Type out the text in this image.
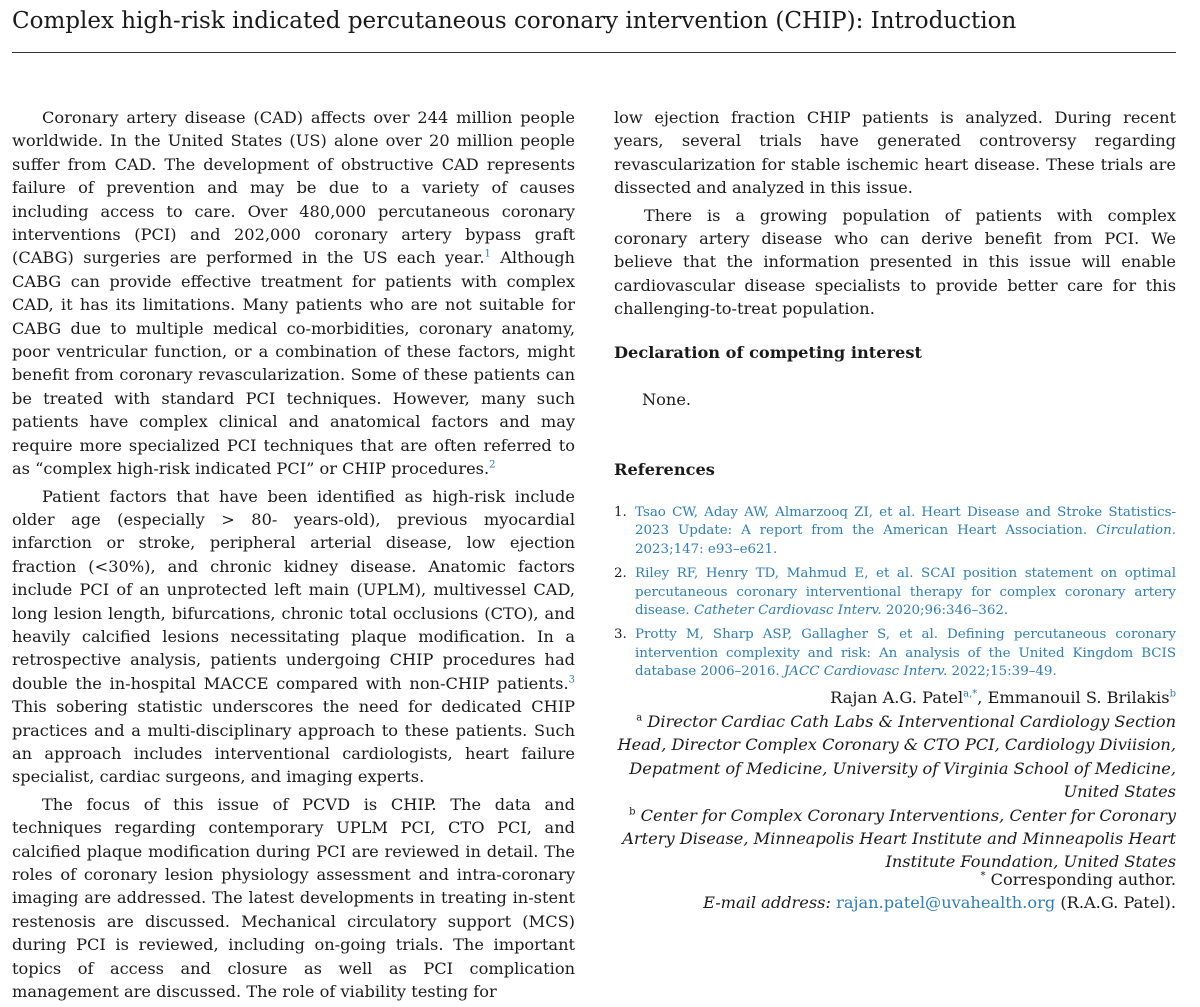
Complex high-risk indicated percutaneous coronary intervention (CHIP): Introduction

Coronary artery disease (CAD) affects over 244 million people worldwide. In the United States (US) alone over 20 million people suffer from CAD. The development of obstructive CAD represents failure of prevention and may be due to a variety of causes including access to care. Over 480,000 percutaneous coronary interventions (PCI) and 202,000 coronary artery bypass graft (CABG) surgeries are performed in the US each year.$^1$ Although CABG can provide effective treatment for patients with complex CAD, it has its limitations. Many patients who are not suitable for CABG due to multiple medical co-morbidities, coronary anatomy, poor ventricular function, or a combination of these factors, might benefit from coronary revascularization. Some of these patients can be treated with standard PCI techniques. However, many such patients have complex clinical and anatomical factors and may require more specialized PCI techniques that are often referred to as “complex high-risk indicated PCI” or CHIP procedures.$^2$

Patient factors that have been identified as high-risk include older age (especially > 80- years-old), previous myocardial infarction or stroke, peripheral arterial disease, low ejection fraction (<30%), and chronic kidney disease. Anatomic factors include PCI of an unprotected left main (UPLM), multivessel CAD, long lesion length, bifurcations, chronic total occlusions (CTO), and heavily calcified lesions necessitating plaque modification. In a retrospective analysis, patients undergoing CHIP procedures had double the in-hospital MACCE compared with non-CHIP patients.$^3$ This sobering statistic underscores the need for dedicated CHIP practices and a multi-disciplinary approach to these patients. Such an approach includes interventional cardiologists, heart failure specialist, cardiac surgeons, and imaging experts.

The focus of this issue of PCVD is CHIP. The data and techniques regarding contemporary UPLM PCI, CTO PCI, and calcified plaque modification during PCI are reviewed in detail. The roles of coronary lesion physiology assessment and intra-coronary imaging are addressed. The latest developments in treating in-stent restenosis are discussed. Mechanical circulatory support (MCS) during PCI is reviewed, including on-going trials. The important topics of access and closure as well as PCI complication management are discussed. The role of viability testing for

low ejection fraction CHIP patients is analyzed. During recent years, several trials have generated controversy regarding revascularization for stable ischemic heart disease. These trials are dissected and analyzed in this issue.

There is a growing population of patients with complex coronary artery disease who can derive benefit from PCI. We believe that the information presented in this issue will enable cardiovascular disease specialists to provide better care for this challenging-to-treat population.

Declaration of competing interest
None.
References
1. Tsao CW, Aday AW, Almarzooq ZI, et al. Heart Disease and Stroke Statistics-2023 Update: A report from the American Heart Association. Circulation. 2023;147: e93–e621.
2. Riley RF, Henry TD, Mahmud E, et al. SCAI position statement on optimal percutaneous coronary interventional therapy for complex coronary artery disease. Catheter Cardiovasc Interv. 2020;96:346–362.
3. Protty M, Sharp ASP, Gallagher S, et al. Defining percutaneous coronary intervention complexity and risk: An analysis of the United Kingdom BCIS database 2006–2016. JACC Cardiovasc Interv. 2022;15:39–49.
Rajan A.G. Patel$^{a,*}$, Emmanouil S. Brilakis$^b$
$^a$ Director Cardiac Cath Labs & Interventional Cardiology Section Head, Director Complex Coronary & CTO PCI, Cardiology Diviision, Depatment of Medicine, University of Virginia School of Medicine, United States
$^b$ Center for Complex Coronary Interventions, Center for Coronary Artery Disease, Minneapolis Heart Institute and Minneapolis Heart Institute Foundation, United States
* Corresponding author.
E-mail address: rajan.patel@uvahealth.org (R.A.G. Patel).
